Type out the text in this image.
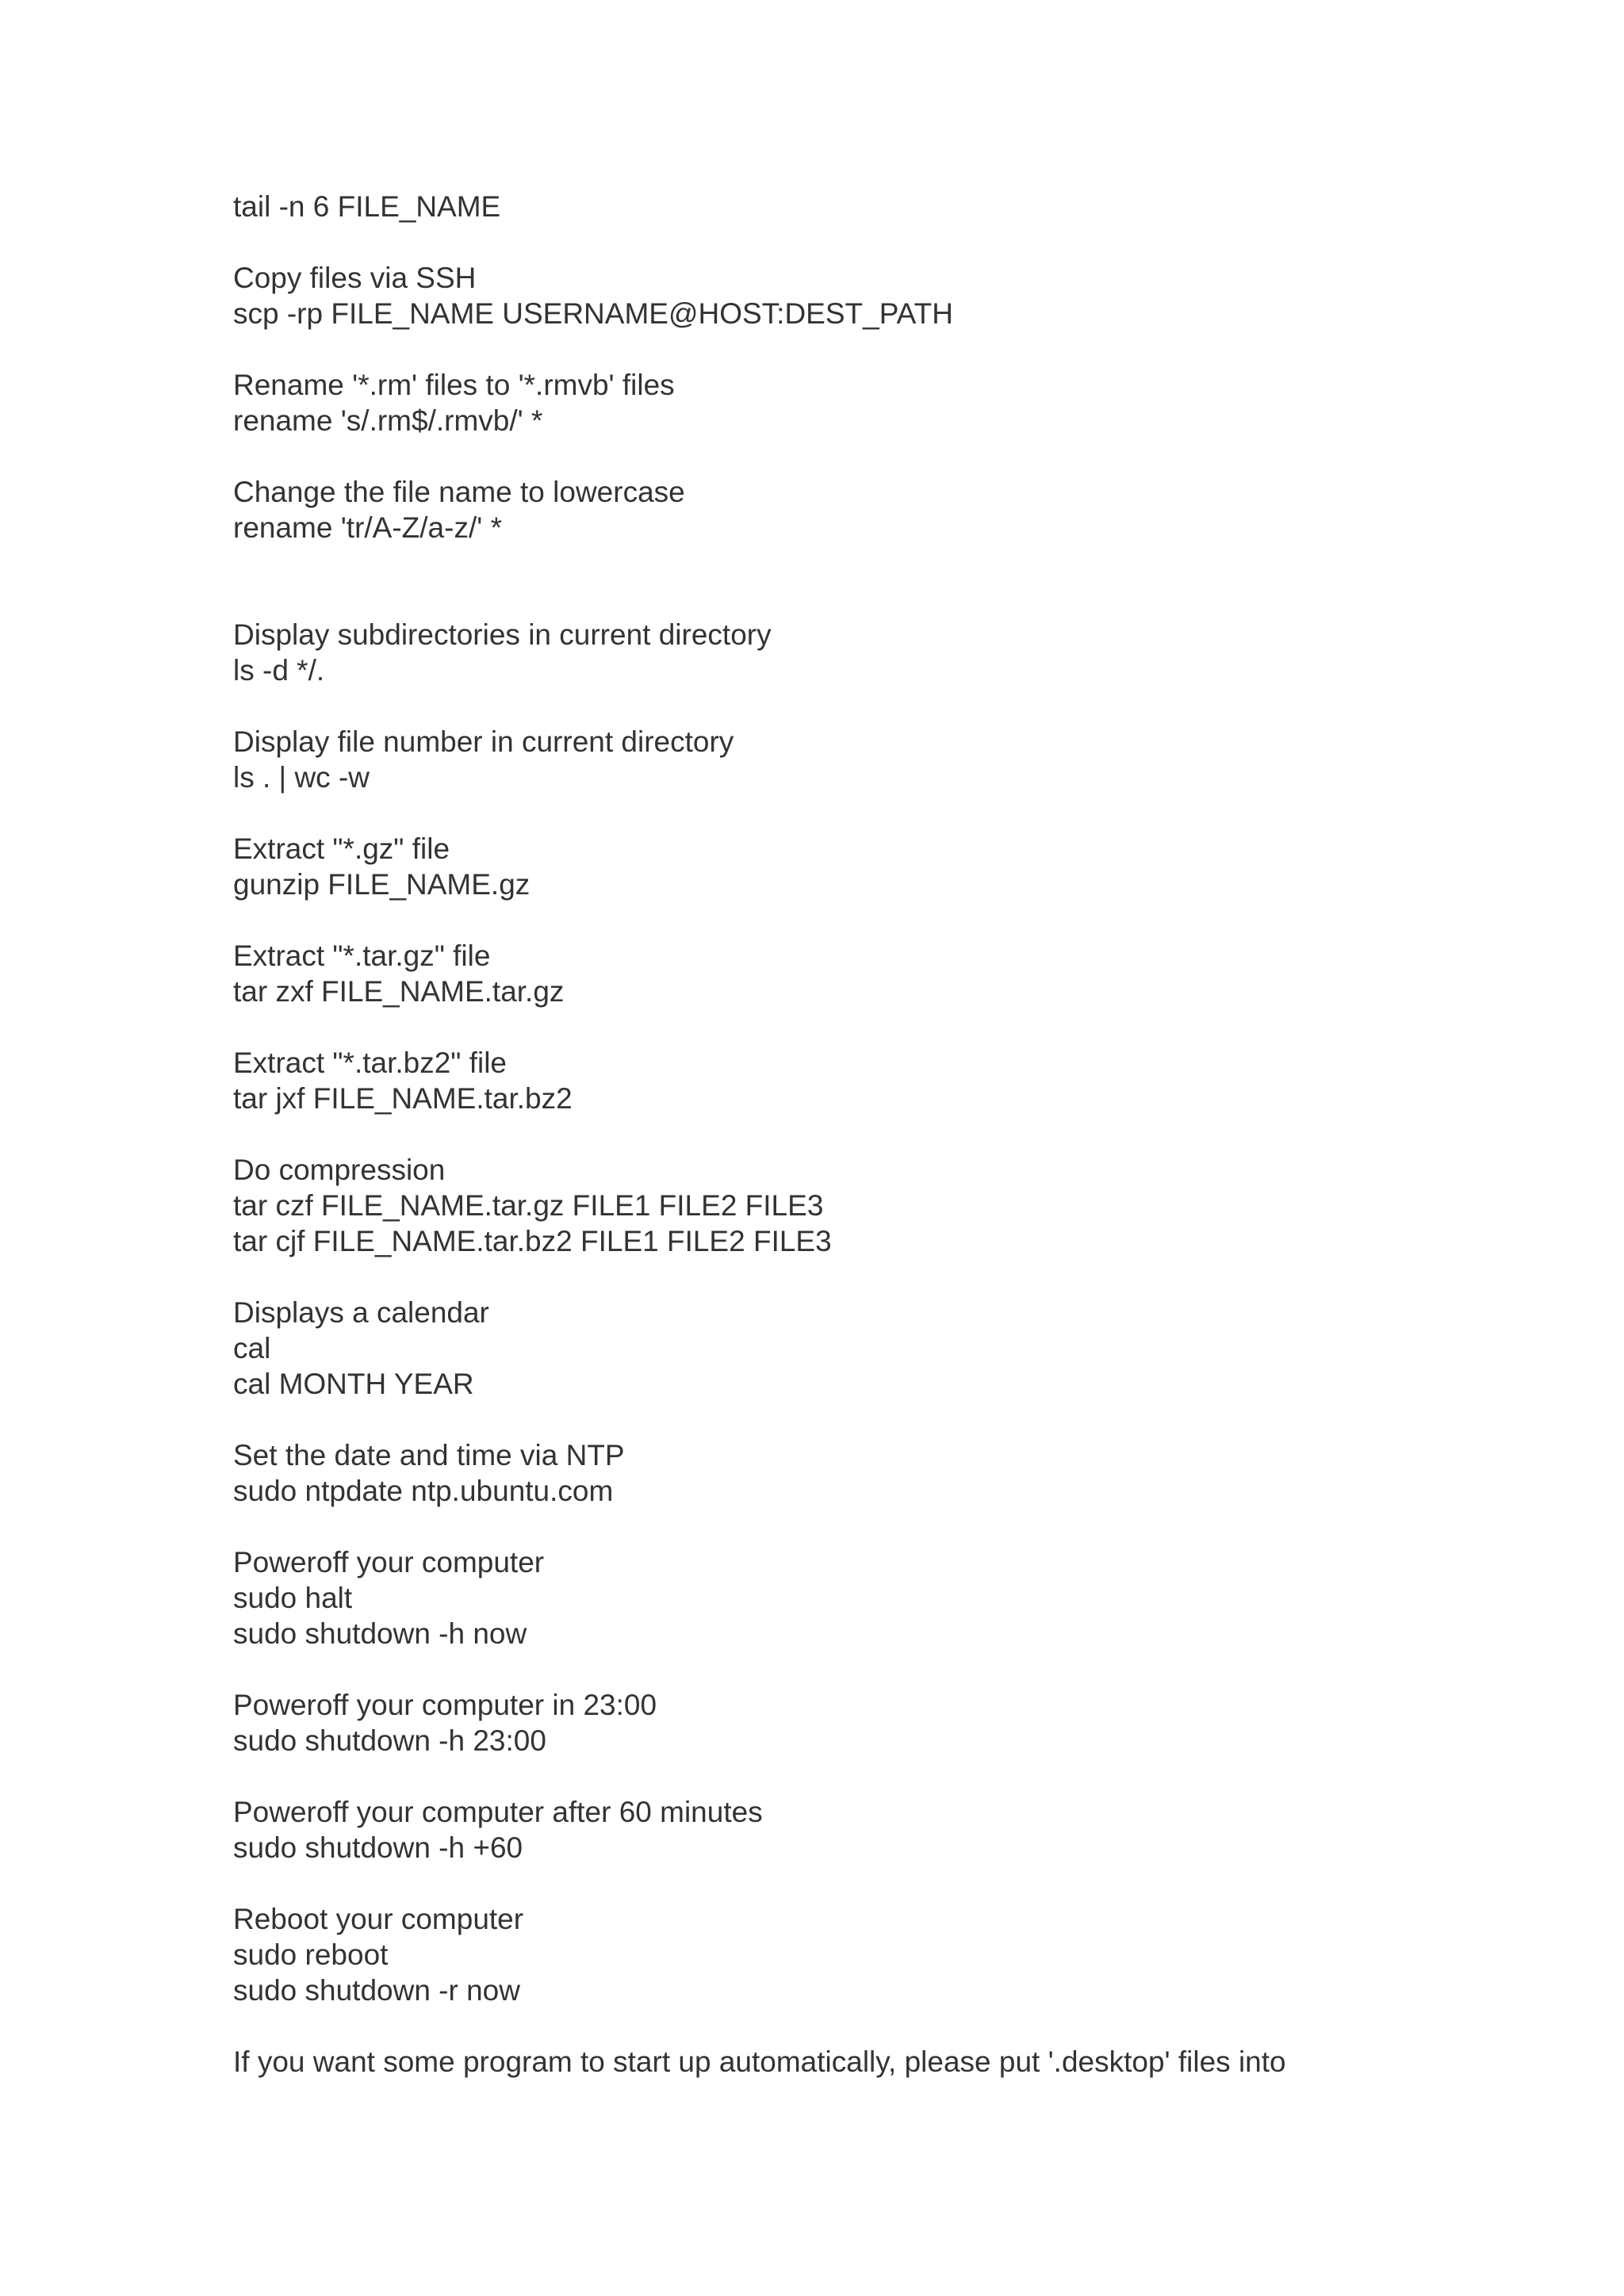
tail -n 6 FILE_NAME
Copy files via SSH
scp -rp FILE_NAME USERNAME@HOST:DEST_PATH
Rename '*.rm' files to '*.rmvb' files
rename 's/.rm$/.rmvb/' *
Change the file name to lowercase
rename 'tr/A-Z/a-z/' *
Display subdirectories in current directory
ls -d */.
Display file number in current directory
ls . | wc -w
Extract "*.gz" file
gunzip FILE_NAME.gz
Extract "*.tar.gz" file
tar zxf FILE_NAME.tar.gz
Extract "*.tar.bz2" file
tar jxf FILE_NAME.tar.bz2
Do compression
tar czf FILE_NAME.tar.gz FILE1 FILE2 FILE3
tar cjf FILE_NAME.tar.bz2 FILE1 FILE2 FILE3
Displays a calendar
cal
cal MONTH YEAR
Set the date and time via NTP
sudo ntpdate ntp.ubuntu.com
Poweroff your computer
sudo halt
sudo shutdown -h now
Poweroff your computer in 23:00
sudo shutdown -h 23:00
Poweroff your computer after 60 minutes
sudo shutdown -h +60
Reboot your computer
sudo reboot
sudo shutdown -r now
If you want some program to start up automatically, please put '.desktop' files into
